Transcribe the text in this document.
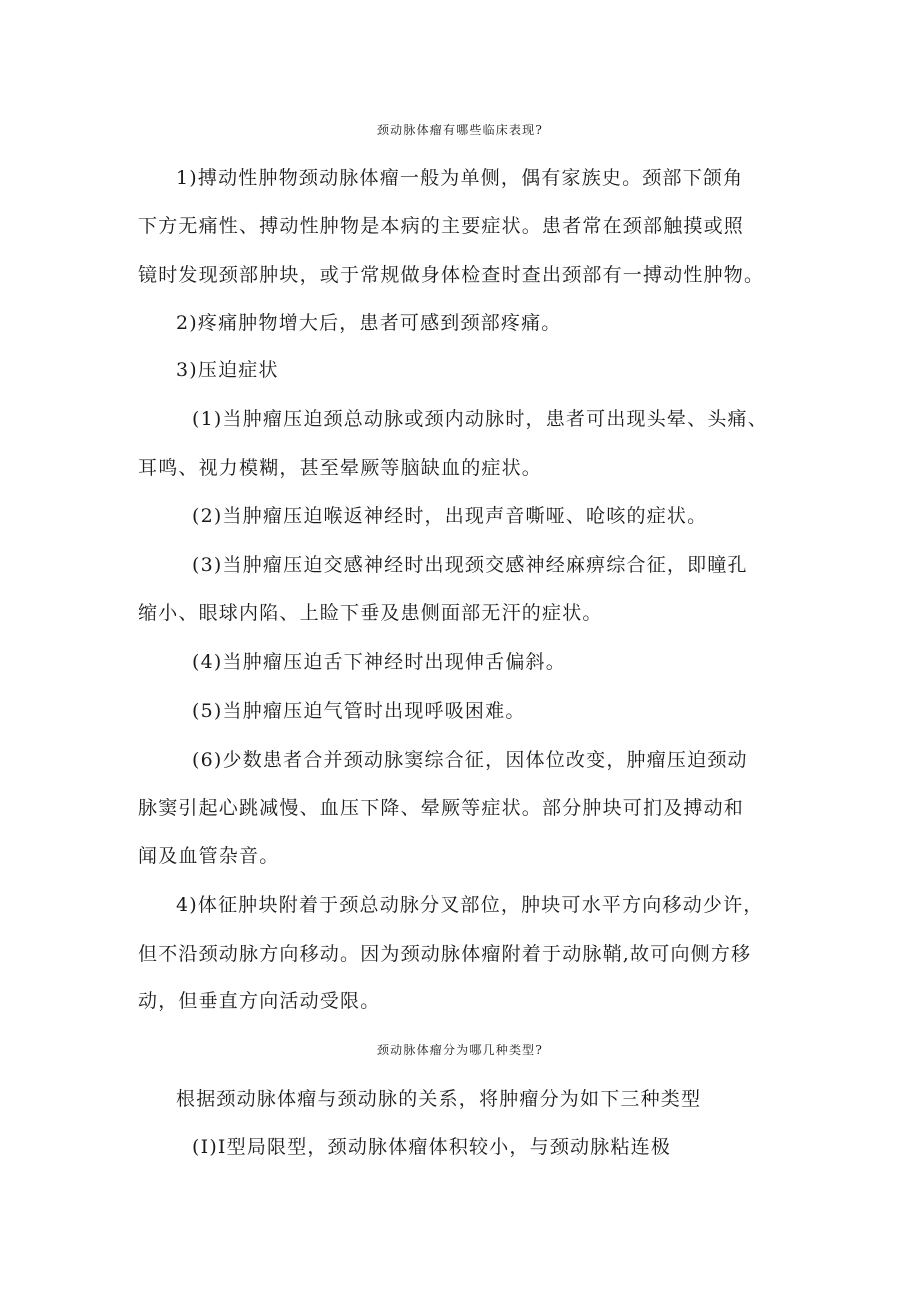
颈动脉体瘤有哪些临床表现?
1)搏动性肿物颈动脉体瘤一般为单侧，偶有家族史。颈部下颌角
下方无痛性、搏动性肿物是本病的主要症状。患者常在颈部触摸或照
镜时发现颈部肿块，或于常规做身体检查时查出颈部有一搏动性肿物。
2)疼痛肿物增大后，患者可感到颈部疼痛。
3)压迫症状
(1)当肿瘤压迫颈总动脉或颈内动脉时，患者可出现头晕、头痛、
耳鸣、视力模糊，甚至晕厥等脑缺血的症状。
(2)当肿瘤压迫喉返神经时，出现声音嘶哑、呛咳的症状。
(3)当肿瘤压迫交感神经时出现颈交感神经麻痹综合征，即瞳孔
缩小、眼球内陷、上睑下垂及患侧面部无汗的症状。
(4)当肿瘤压迫舌下神经时出现伸舌偏斜。
(5)当肿瘤压迫气管时出现呼吸困难。
(6)少数患者合并颈动脉窦综合征，因体位改变，肿瘤压迫颈动
脉窦引起心跳减慢、血压下降、晕厥等症状。部分肿块可扪及搏动和
闻及血管杂音。
4)体征肿块附着于颈总动脉分叉部位，肿块可水平方向移动少许，
但不沿颈动脉方向移动。因为颈动脉体瘤附着于动脉鞘,故可向侧方移
动，但垂直方向活动受限。
颈动脉体瘤分为哪几种类型?
根据颈动脉体瘤与颈动脉的关系，将肿瘤分为如下三种类型
(I)Ⅰ型局限型，颈动脉体瘤体积较小，与颈动脉粘连极
